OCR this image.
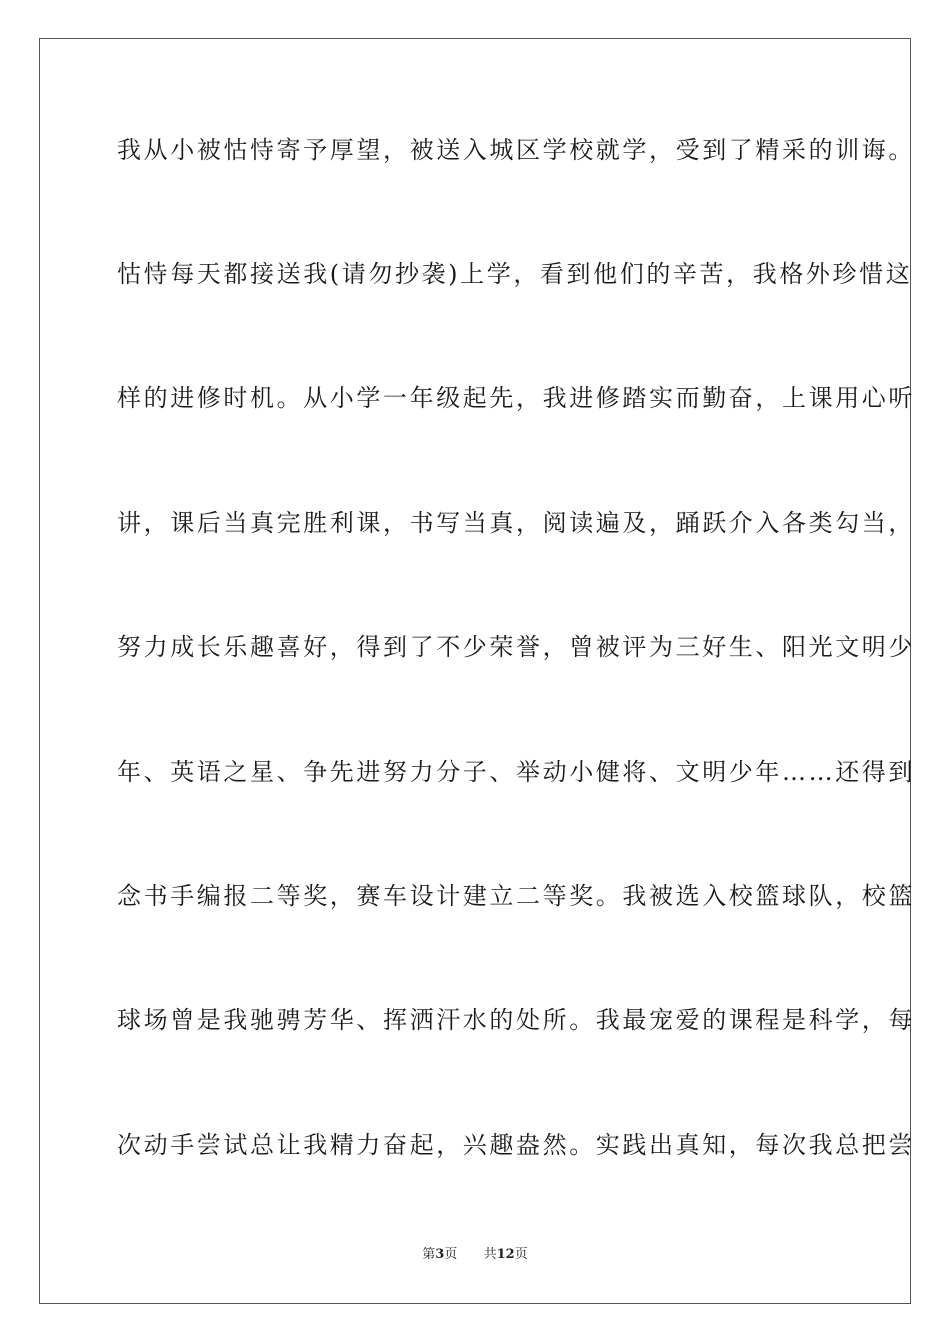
我从小被怙恃寄予厚望，被送入城区学校就学，受到了精采的训诲。
怙恃每天都接送我(请勿抄袭)上学，看到他们的辛苦，我格外珍惜这
样的进修时机。从小学一年级起先，我进修踏实而勤奋，上课用心听
讲，课后当真完胜利课，书写当真，阅读遍及，踊跃介入各类勾当，
努力成长乐趣喜好，得到了不少荣誉，曾被评为三好生、阳光文明少
年、英语之星、争先进努力分子、举动小健将、文明少年……还得到
念书手编报二等奖，赛车设计建立二等奖。我被选入校篮球队，校篮
球场曾是我驰骋芳华、挥洒汗水的处所。我最宠爱的课程是科学，每
次动手尝试总让我精力奋起，兴趣盎然。实践出真知，每次我总把尝
第3页 共12页
